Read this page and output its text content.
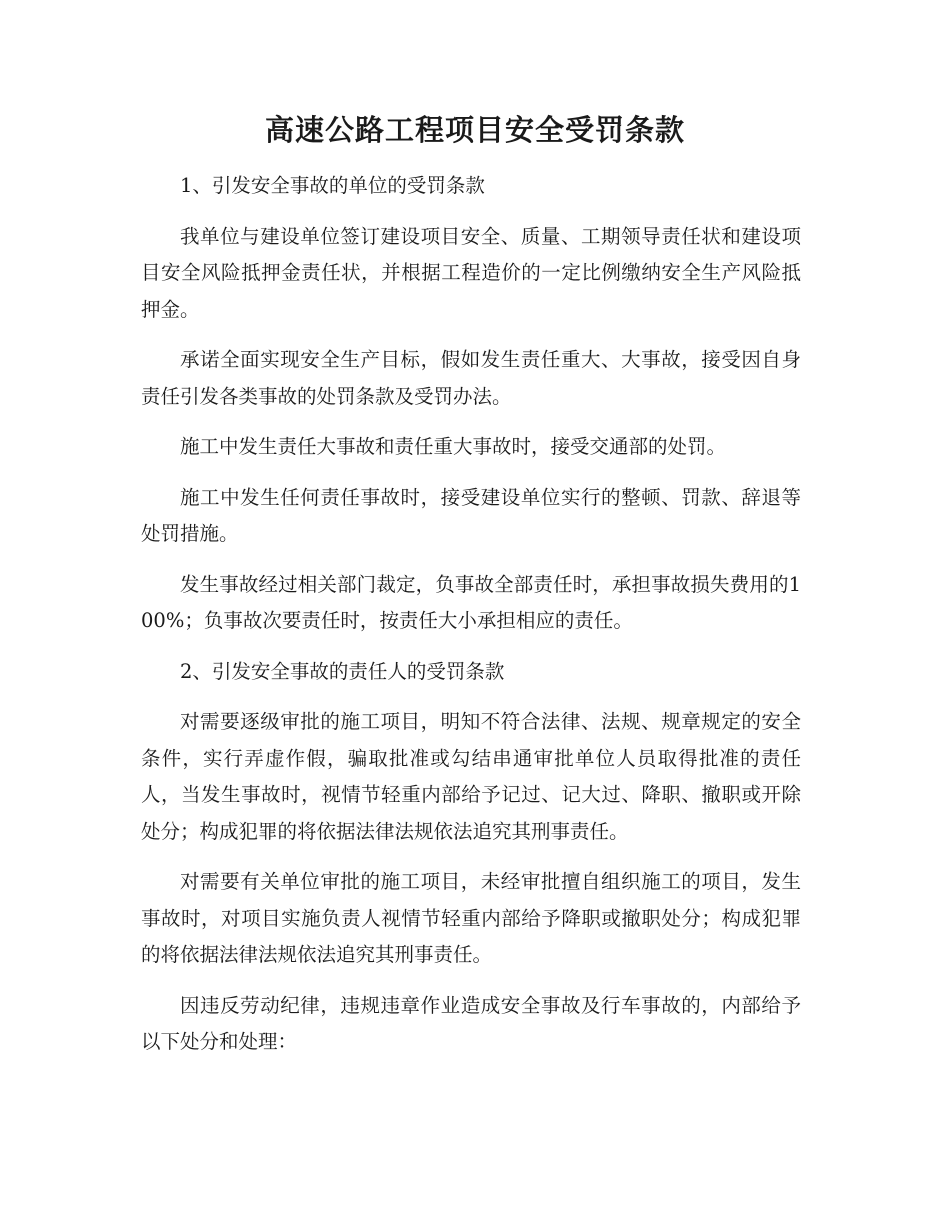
高速公路工程项目安全受罚条款

1、引发安全事故的单位的受罚条款

我单位与建设单位签订建设项目安全、质量、工期领导责任状和建设项目安全风险抵押金责任状，并根据工程造价的一定比例缴纳安全生产风险抵押金。

承诺全面实现安全生产目标，假如发生责任重大、大事故，接受因自身责任引发各类事故的处罚条款及受罚办法。

施工中发生责任大事故和责任重大事故时，接受交通部的处罚。

施工中发生任何责任事故时，接受建设单位实行的整顿、罚款、辞退等处罚措施。

发生事故经过相关部门裁定，负事故全部责任时，承担事故损失费用的100%；负事故次要责任时，按责任大小承担相应的责任。

2、引发安全事故的责任人的受罚条款

对需要逐级审批的施工项目，明知不符合法律、法规、规章规定的安全条件，实行弄虚作假，骗取批准或勾结串通审批单位人员取得批准的责任人，当发生事故时，视情节轻重内部给予记过、记大过、降职、撤职或开除处分；构成犯罪的将依据法律法规依法追究其刑事责任。

对需要有关单位审批的施工项目，未经审批擅自组织施工的项目，发生事故时，对项目实施负责人视情节轻重内部给予降职或撤职处分；构成犯罪的将依据法律法规依法追究其刑事责任。

因违反劳动纪律，违规违章作业造成安全事故及行车事故的，内部给予以下处分和处理：
